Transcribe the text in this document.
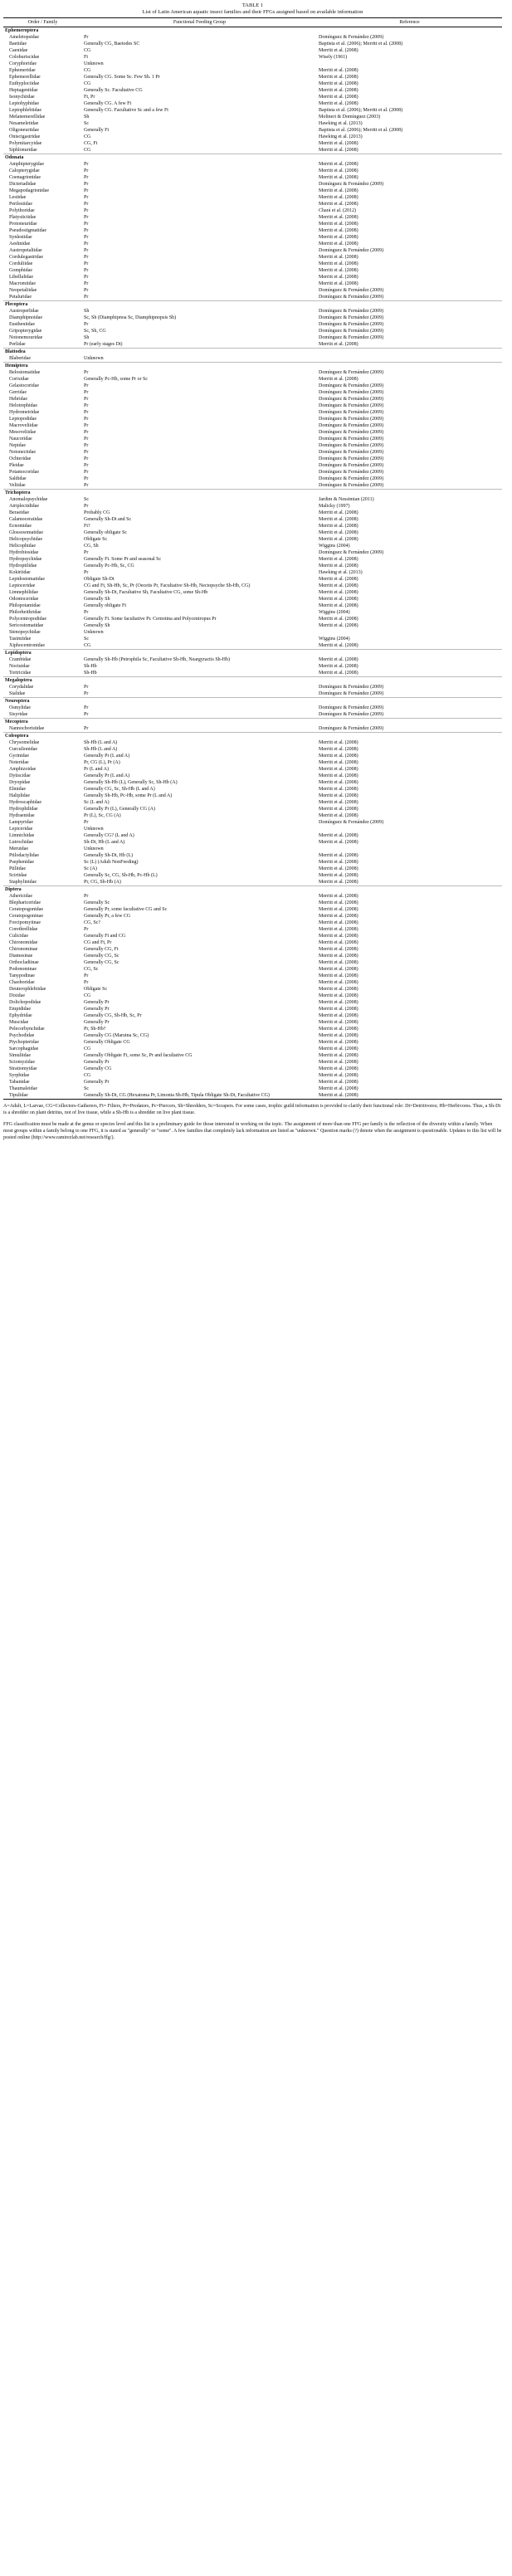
TABLE 1
List of Latin American aquatic insect families and their FFGs assigned based on available information
Order / Family	Functional Feeding Group	Reference
Ephemeroptera		
Ameletopsidae	Pr	Domínguez & Fernández (2009)
Baetidae	Generally CG, Baetodes SC	Baptista et al. (2006); Merritt et al. (2008)
Caenidae	CG	Merritt et al. (2008)
Coloburiscidae	Ft	Wisely (1961)
Coryphoridae	Unknown	
Ephemeridae	CG	Merritt et al. (2008)
Ephemerellidae	Generally CG. Some Sc. Few Sh. 1 Pr	Merritt et al. (2008)
Euthyplociidae	CG	Merritt et al. (2008)
Heptageniidae	Generally Sc. Facultative CG	Merritt et al. (2008)
Isonychiidae	Ft, Pr	Merritt et al. (2008)
Leptohyphidae	Generally CG. A few Ft	Merritt et al. (2008)
Leptophlebiidae	Generally CG. Facultative Sc and a few Ft	Baptista et al. (2006); Merritt et al. (2008)
Melanemerellidae	Sh	Molineri & Domínguez (2003)
Nesameletidae	Sc	Hawking et al. (2013)
Oligoneuriidae	Generally Ft	Baptista et al. (2006); Merritt et al. (2008)
Oniscigastridae	CG	Hawking et al. (2013)
Polymitarcyidae	CG, Ft	Merritt et al. (2008)
Siphlonuridae	CG	Merritt et al. (2008)
Odonata		
Amphipterygidae	Pr	Merritt et al. (2008)
Calopterygidae	Pr	Merritt et al. (2008)
Coenagrionidae	Pr	Merritt et al. (2008)
Dicteriadidae	Pr	Domínguez & Fernández (2009)
Megapodagrionidae	Pr	Merritt et al. (2008)
Lestidae	Pr	Merritt et al. (2008)
Perilestidae	Pr	Merritt et al. (2008)
Polythoridae	Pr	Chará et al. (2012)
Platystictidae	Pr	Merritt et al. (2008)
Protoneuridae	Pr	Merritt et al. (2008)
Pseudostigmatidae	Pr	Merritt et al. (2008)
Synlestidae	Pr	Merritt et al. (2008)
Aeshnidae	Pr	Merritt et al. (2008)
Austropetaliidae	Pr	Domínguez & Fernández (2009)
Cordulegastridae	Pr	Merritt et al. (2008)
Corduliidae	Pr	Merritt et al. (2008)
Gomphidae	Pr	Merritt et al. (2008)
Libellulidae	Pr	Merritt et al. (2008)
Macromiidae	Pr	Merritt et al. (2008)
Neopetaliidae	Pr	Domínguez & Fernández (2009)
Petaluridae	Pr	Domínguez & Fernández (2009)
Plecoptera		
Austroperlidae	Sh	Domínguez & Fernández (2009)
Diamphipnoidae	Sc, Sh (Diamphipnoa Sc, Diamphipnopsis Sh)	Domínguez & Fernández (2009)
Eustheniidae	Pr	Domínguez & Fernández (2009)
Gripopterygidae	Sc, Sh, CG	Domínguez & Fernández (2009)
Notonemouridae	Sh	Domínguez & Fernández (2009)
Perlidae	Pr (early stages Dt)	Merritt et al. (2008)
Blattodea		
Blaberidae	Unknown	
Hemiptera		
Belostomatidae	Pr	Domínguez & Fernández (2009)
Corixidae	Generally Pc-Hb, some Pr or Sc	Merritt et al. (2008)
Gelastocoridae	Pr	Domínguez & Fernández (2009)
Gerridae	Pr	Domínguez & Fernández (2009)
Hebridae	Pr	Domínguez & Fernández (2009)
Helotrephidae	Pr	Domínguez & Fernández (2009)
Hydrometridae	Pr	Domínguez & Fernández (2009)
Leptopodidae	Pr	Domínguez & Fernández (2009)
Macroveliidae	Pr	Domínguez & Fernández (2009)
Mesoveliidae	Pr	Domínguez & Fernández (2009)
Naucoridae	Pr	Domínguez & Fernández (2009)
Nepidae	Pr	Domínguez & Fernández (2009)
Notonectidae	Pr	Domínguez & Fernández (2009)
Ochteridae	Pr	Domínguez & Fernández (2009)
Pleidae	Pr	Domínguez & Fernández (2009)
Potamocoridae	Pr	Domínguez & Fernández (2009)
Saldidae	Pr	Domínguez & Fernández (2009)
Veliidae	Pr	Domínguez & Fernández (2009)
Trichoptera		
Anomalopsychidae	Sc	Jardim & Nessimian (2011)
Atriplectididae	Pr	Malicky (1997)
Beraeidae	Probably CG	Merritt et al. (2008)
Calamoceratidae	Generally Sh-Dt and Sc	Merritt et al. (2008)
Ecnomidae	Ft?	Merritt et al. (2008)
Glossosomatidae	Generally obligate Sc	Merritt et al. (2008)
Helicopsychidae	Obligate Sc	Merritt et al. (2008)
Helicophidae	CG, Sh	Wiggins (2004)
Hydrobiosidae	Pr	Domínguez & Fernández (2009)
Hydropsychidae	Generally Ft. Some Pr and seasonal Sc	Merritt et al. (2008)
Hydroptilidae	Generally Pc-Hb, Sc, CG	Merritt et al. (2008)
Kokiriidae	Pr	Hawking et al. (2013)
Lepidostomatidae	Obligate Sh-Dt	Merritt et al. (2008)
Leptoceridae	CG and Ft, Sh-Hb, Sc, Pr (Oecetis Pr, Facultative Sh-Hb, Nectopsyche Sh-Hb, CG)	Merritt et al. (2008)
Limnephilidae	Generally Sh-Dt, Facultative Sh, Facultative CG, some Sh-Hb	Merritt et al. (2008)
Odontoceridae	Generally Sh	Merritt et al. (2008)
Philopotamidae	Generally obligate Ft	Merritt et al. (2008)
Philorheithridae	Pr	Wiggins (2004)
Polycentropodidae	Generally Ft. Some facultative Pr. Cernotina and Polycentropus Pr	Merritt et al. (2008)
Sericostomatidae	Generally Sh	Merritt et al. (2008)
Stenopsychidae	Unknown	
Tasimiidae	Sc	Wiggins (2004)
Xiphocentronidae	CG	Merritt et al. (2008)
Lepidoptera		
Crambidae	Generally Sh-Hb (Petrophila Sc, Facultative Sh-Hb, Neargyractis Sh-Hb)	Merritt et al. (2008)
Noctuidae	Sh-Hb	Merritt et al. (2008)
Tortricidae	Sh-Hb	Merritt et al. (2008)
Megaloptera		
Corydalidae	Pr	Domínguez & Fernández (2009)
Sialidae	Pr	Domínguez & Fernández (2009)
Neuroptera		
Osmylidae	Pr	Domínguez & Fernández (2009)
Sisyridae	Pr	Domínguez & Fernández (2009)
Mecoptera		
Nannochoristidae	Pr	Domínguez & Fernández (2009)
Coleoptera		
Chrysomelidae	Sh-Hb (L and A)	Merritt et al. (2008)
Curculionidae	Sh-Hb (L and A)	Merritt et al. (2008)
Gyrinidae	Generally Pr (L and A)	Merritt et al. (2008)
Noteridae	Pr, CG (L), Pr (A)	Merritt et al. (2008)
Amphizoidae	Pr (L and A)	Merritt et al. (2008)
Dytiscidae	Generally Pr (L and A)	Merritt et al. (2008)
Dryopidae	Generally Sh-Hb (L), Generally Sc, Sh-Hb (A)	Merritt et al. (2008)
Elmidae	Generally CG, Sc, Sh-Hb (L and A)	Merritt et al. (2008)
Haliplidae	Generally Sh-Hb, Pc-Hb, some Pr (L and A)	Merritt et al. (2008)
Hydroscaphidae	Sc (L and A)	Merritt et al. (2008)
Hydrophilidae	Generally Pr (L), Generally CG (A)	Merritt et al. (2008)
Hydraenidae	Pr (L), Sc, CG (A)	Merritt et al. (2008)
Lampyridae	Pr	Domínguez & Fernández (2009)
Lepiceridae	Unknown	
Limnichidae	Generally CG? (L and A)	Merritt et al. (2008)
Lutrochidae	Sh-Dt, Hb (L and A)	Merritt et al. (2008)
Meruidae	Unknown	
Ptilodactylidae	Generally Sh-Dt, Hb (L)	Merritt et al. (2008)
Psephenidae	Sc (L) (Adult NonFeeding)	Merritt et al. (2008)
Ptiliidae	Sc (A)	Merritt et al. (2008)
Scirtidae	Generally Sc, CG, Sh-Hb, Pc-Hb (L)	Merritt et al. (2008)
Staphylinidae	Pr, CG, Sh-Hb (A)	Merritt et al. (2008)
Diptera		
Athericidae	Pr	Merritt et al. (2008)
Blephariceridae	Generally Sc	Merritt et al. (2008)
Ceratopogonidae	Generally Pr, some facultative CG and Sc	Merritt et al. (2008)
Ceratopogoninae	Generally Pr, a few CG	Merritt et al. (2008)
Forcipomyiinae	CG, Sc?	Merritt et al. (2008)
Corethrellidae	Pr	Merritt et al. (2008)
Culicidae	Generally Ft and CG	Merritt et al. (2008)
Chironomidae	CG and Ft, Pr	Merritt et al. (2008)
Chironominae	Generally CG, Ft	Merritt et al. (2008)
Diamesinae	Generally CG, Sc	Merritt et al. (2008)
Orthocladiinae	Generally CG, Sc	Merritt et al. (2008)
Podonominae	CG, Sc	Merritt et al. (2008)
Tanypodinae	Pr	Merritt et al. (2008)
Chaoboridae	Pr	Merritt et al. (2008)
Deuterophlebiidae	Obligate Sc	Merritt et al. (2008)
Dixidae	CG	Merritt et al. (2008)
Dolichopodidae	Generally Pr	Merritt et al. (2008)
Empididae	Generally Pr	Merritt et al. (2008)
Ephydridae	Generally CG, Sh-Hb, Sc, Pr	Merritt et al. (2008)
Muscidae	Generally Pr	Merritt et al. (2008)
Pelecorhynchidae	Pr, Sh-Hb?	Merritt et al. (2008)
Psychodidae	Generally CG (Maruina Sc, CG)	Merritt et al. (2008)
Ptychopteridae	Generally Obligate CG	Merritt et al. (2008)
Sarcophagidae	CG	Merritt et al. (2008)
Simuliidae	Generally Obligate Ft, some Sc, Pr and facultative CG	Merritt et al. (2008)
Sciomyzidae	Generally Pr	Merritt et al. (2008)
Stratiomyidae	Generally CG	Merritt et al. (2008)
Syrphidae	CG	Merritt et al. (2008)
Tabanidae	Generally Pr	Merritt et al. (2008)
Thaumaleidae	Sc	Merritt et al. (2008)
Tipulidae	Generally Sh-Dt, CG (Hexatoma Pr, Limonia Sh-Hb, Tipula Obligate Sh-Dt, Facultative CG)	Merritt et al. (2008)

A=Adult, L=Larvae, CG=Collectors-Gatherers, Ft= Filters, Pr=Predators, Pc=Piercers, Sh=Shredders, Sc=Scrapers. For some cases, trophic guild information is provided to clarify their functional role: Dt=Detritivores; Hb=Herbivores. Thus, a Sh-Dt is a shredder on plant detritus, not of live tissue, while a Sh-Hb is a shredder on live plant tissue.

FFG classification must be made at the genus or species level and this list is a preliminary guide for those interested in working on the topic. The assignment of more than one FFG per family is the reflection of the diversity within a family. When most groups within a family belong to one FFG, it is stated as "generally" or "some". A few families that completely lack information are listed as "unknown." Question marks (?) denote when the assignment is questionable. Updates to this list will be posted online (http://www.ramirezlab.net/research/ffg/).
